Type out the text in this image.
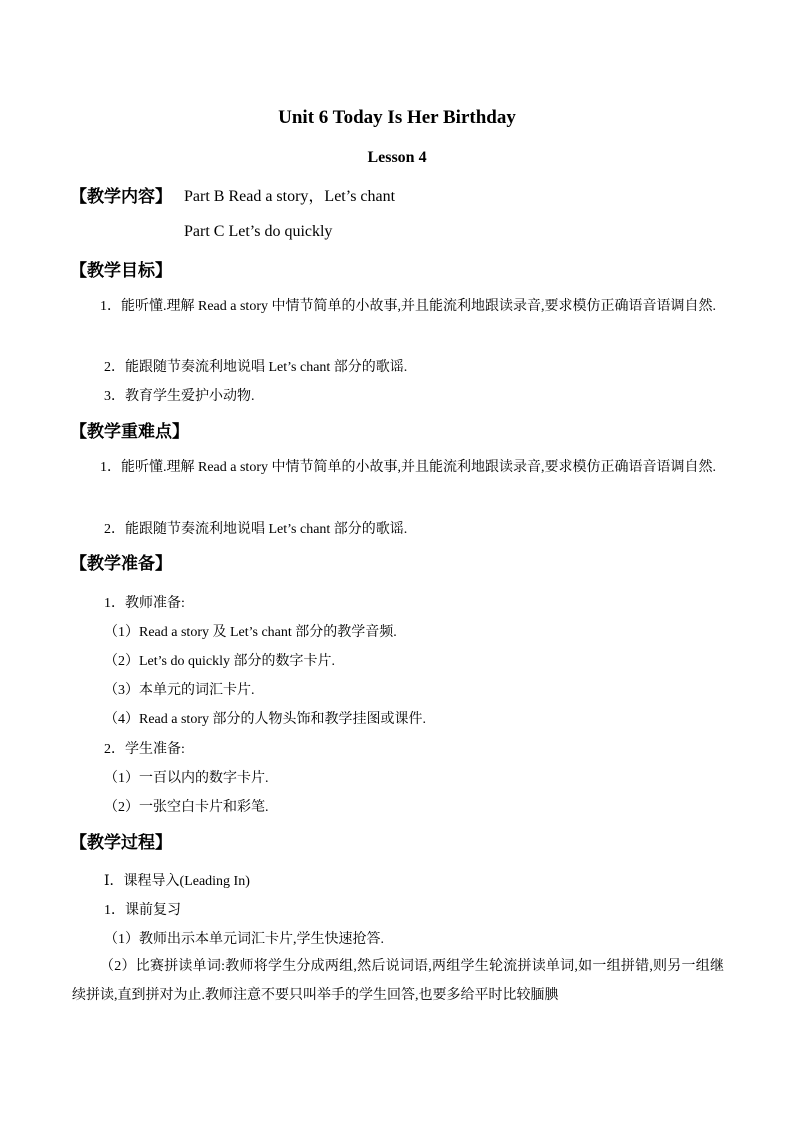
Unit 6 Today Is Her Birthday
Lesson 4
【教学内容】 Part B Read a story，Let’s chant
Part C Let’s do quickly
【教学目标】
1．能听懂.理解 Read a story 中情节简单的小故事,并且能流利地跟读录音,要求模仿正确语音语调自然.
2．能跟随节奏流利地说唱 Let’s chant 部分的歌谣.
3．教育学生爱护小动物.
【教学重难点】
1．能听懂.理解 Read a story 中情节简单的小故事,并且能流利地跟读录音,要求模仿正确语音语调自然.
2．能跟随节奏流利地说唱 Let’s chant 部分的歌谣.
【教学准备】
1．教师准备:
（1）Read a story 及 Let’s chant 部分的教学音频.
（2）Let’s do quickly 部分的数字卡片.
（3）本单元的词汇卡片.
（4）Read a story 部分的人物头饰和教学挂图或课件.
2．学生准备:
（1）一百以内的数字卡片.
（2）一张空白卡片和彩笔.
【教学过程】
Ⅰ．课程导入(Leading In)
1．课前复习
（1）教师出示本单元词汇卡片,学生快速抢答.
（2）比赛拼读单词:教师将学生分成两组,然后说词语,两组学生轮流拼读单词,如一组拼错,则另一组继续拼读,直到拼对为止.教师注意不要只叫举手的学生回答,也要多给平时比较腼腆
